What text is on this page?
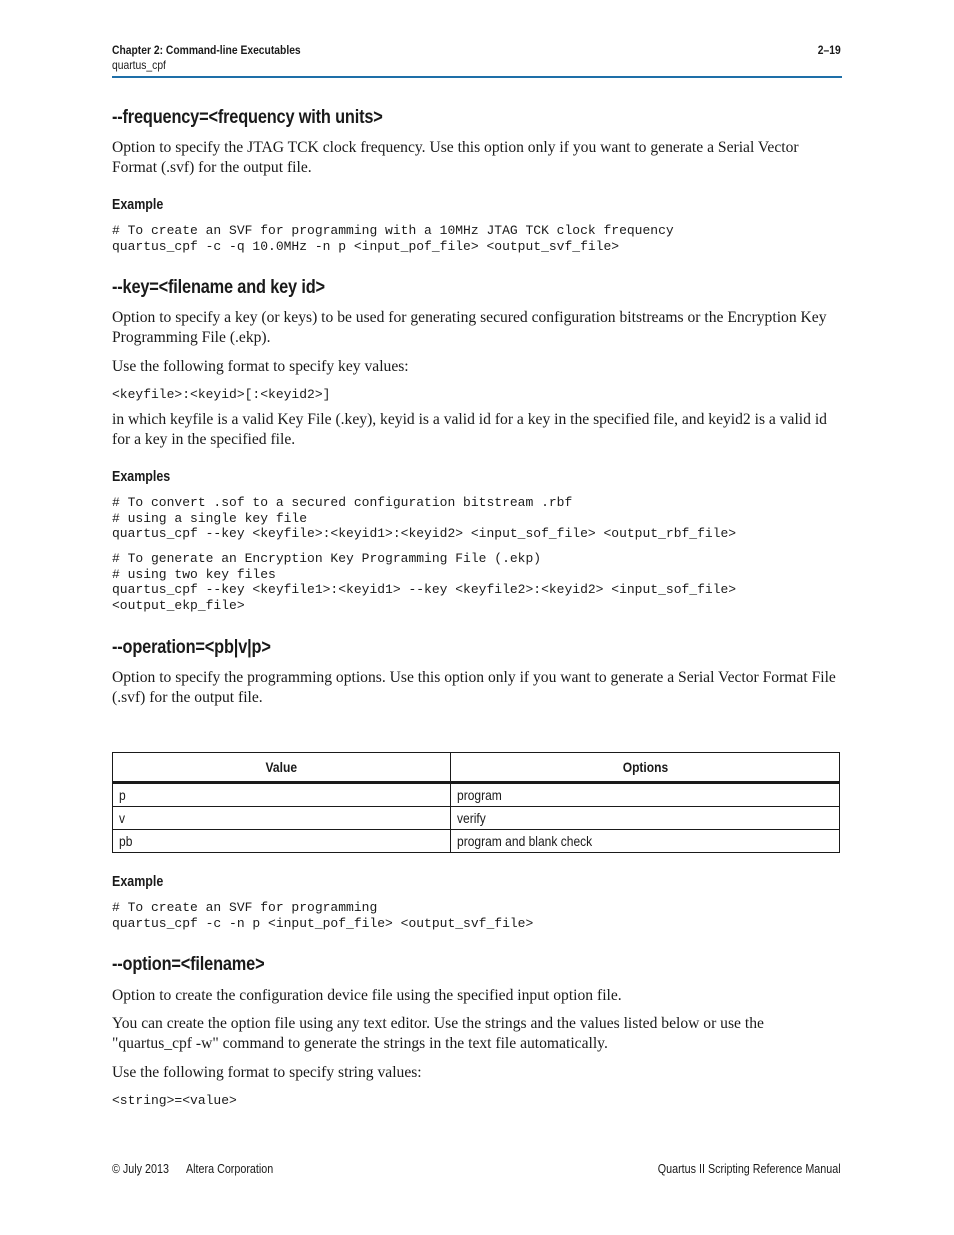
Chapter 2: Command-line Executables
quartus_cpf
2–19
--frequency=<frequency with units>

Option to specify the JTAG TCK clock frequency. Use this option only if you want to generate a Serial Vector Format (.svf) for the output file.

Example
# To create an SVF for programming with a 10MHz JTAG TCK clock frequency
quartus_cpf -c -q 10.0MHz -n p <input_pof_file> <output_svf_file>
--key=<filename and key id>

Option to specify a key (or keys) to be used for generating secured configuration bitstreams or the Encryption Key Programming File (.ekp).

Use the following format to specify key values:

<keyfile>:<keyid>[:<keyid2>]

in which keyfile is a valid Key File (.key), keyid is a valid id for a key in the specified file, and keyid2 is a valid id for a key in the specified file.

Examples
# To convert .sof to a secured configuration bitstream .rbf
# using a single key file
quartus_cpf --key <keyfile>:<keyid1>:<keyid2> <input_sof_file> <output_rbf_file>
# To generate an Encryption Key Programming File (.ekp)
# using two key files
quartus_cpf --key <keyfile1>:<keyid1> --key <keyfile2>:<keyid2> <input_sof_file>
<output_ekp_file>
--operation=<pb|v|p>

Option to specify the programming options. Use this option only if you want to generate a Serial Vector Format File (.svf) for the output file.

Value	Options
p	program
v	verify
pb	program and blank check
Example
# To create an SVF for programming
quartus_cpf -c -n p <input_pof_file> <output_svf_file>
--option=<filename>

Option to create the configuration device file using the specified input option file.

You can create the option file using any text editor. Use the strings and the values listed below or use the "quartus_cpf -w" command to generate the strings in the text file automatically.

Use the following format to specify string values:

<string>=<value>
© July 2013 Altera Corporation	Quartus II Scripting Reference Manual
